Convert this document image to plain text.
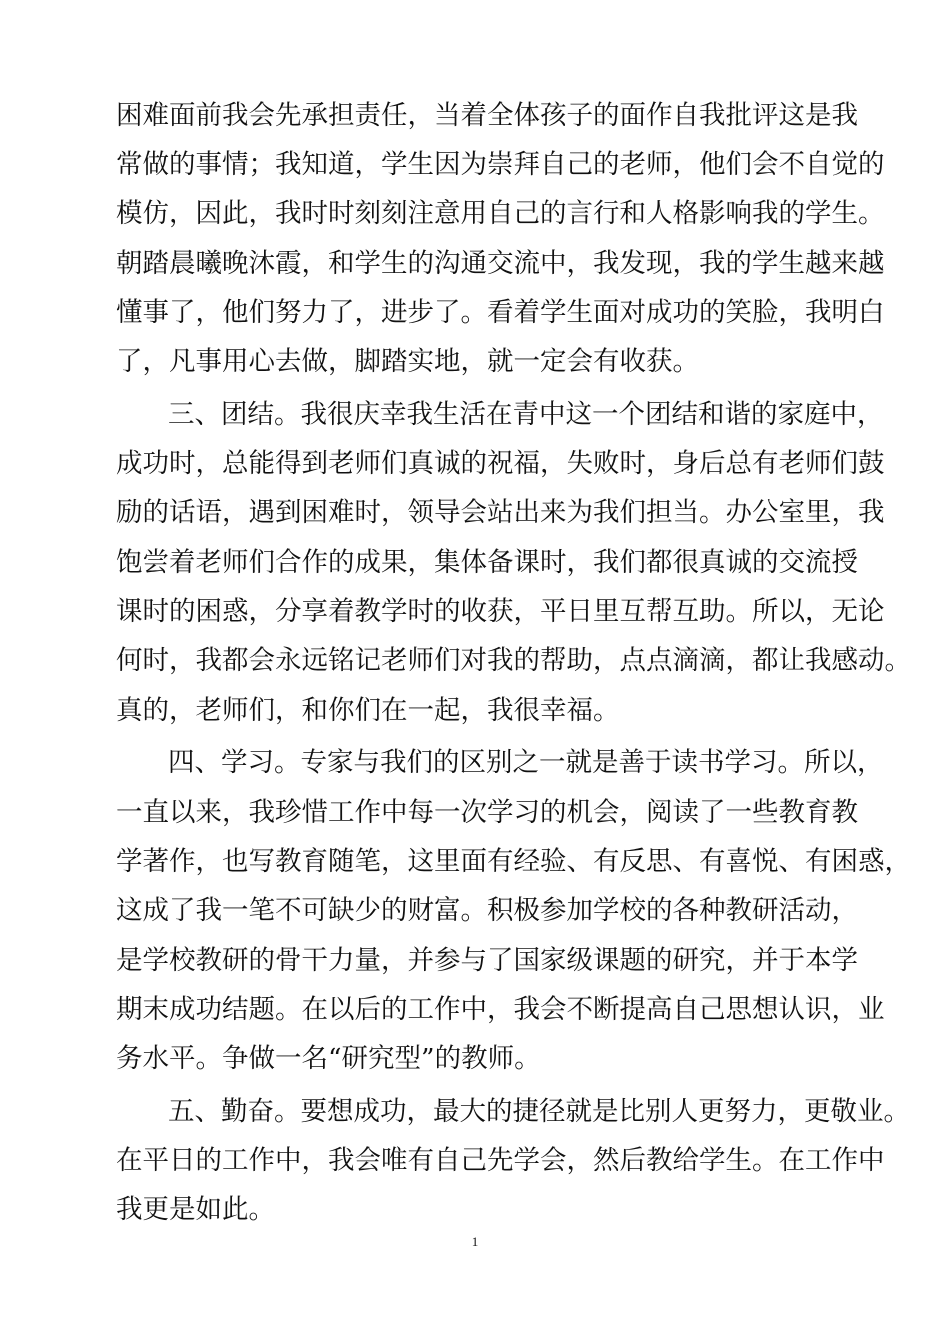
困难面前我会先承担责任，当着全体孩子的面作自我批评这是我
常做的事情；我知道，学生因为崇拜自己的老师，他们会不自觉的
模仿，因此，我时时刻刻注意用自己的言行和人格影响我的学生。
朝踏晨曦晚沐霞，和学生的沟通交流中，我发现，我的学生越来越
懂事了，他们努力了，进步了。看着学生面对成功的笑脸，我明白
了，凡事用心去做，脚踏实地，就一定会有收获。
三、团结。我很庆幸我生活在青中这一个团结和谐的家庭中，
成功时，总能得到老师们真诚的祝福，失败时，身后总有老师们鼓
励的话语，遇到困难时，领导会站出来为我们担当。办公室里，我
饱尝着老师们合作的成果，集体备课时，我们都很真诚的交流授
课时的困惑，分享着教学时的收获，平日里互帮互助。所以，无论
何时，我都会永远铭记老师们对我的帮助，点点滴滴，都让我感动。
真的，老师们，和你们在一起，我很幸福。
四、学习。专家与我们的区别之一就是善于读书学习。所以，
一直以来，我珍惜工作中每一次学习的机会，阅读了一些教育教
学著作，也写教育随笔，这里面有经验、有反思、有喜悦、有困惑，
这成了我一笔不可缺少的财富。积极参加学校的各种教研活动，
是学校教研的骨干力量，并参与了国家级课题的研究，并于本学
期末成功结题。在以后的工作中，我会不断提高自己思想认识，业
务水平。争做一名“研究型”的教师。
五、勤奋。要想成功，最大的捷径就是比别人更努力，更敬业。
在平日的工作中，我会唯有自己先学会，然后教给学生。在工作中
我更是如此。
1
